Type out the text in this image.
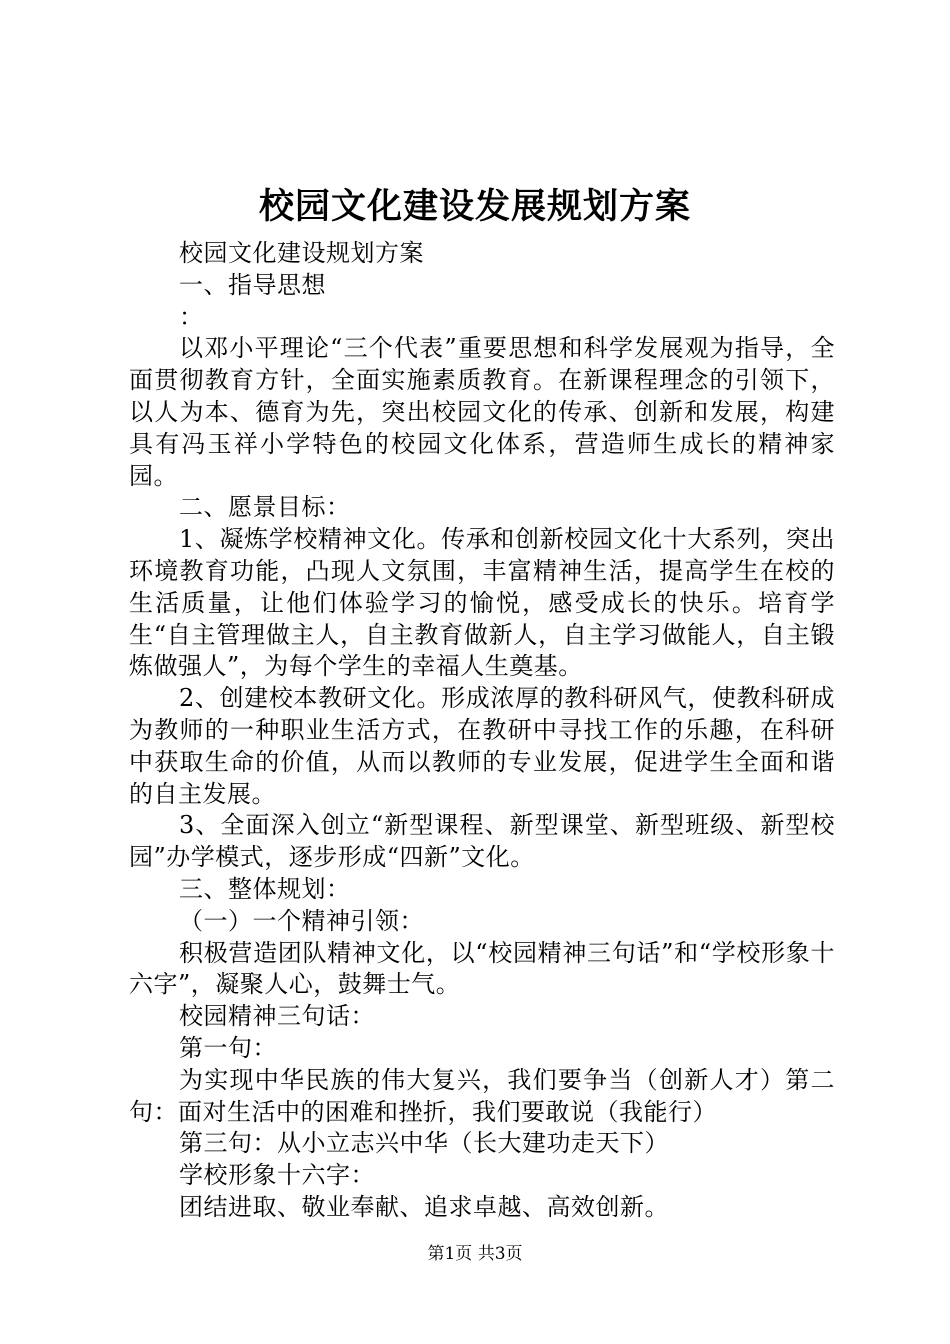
校园文化建设发展规划方案

校园文化建设规划方案

一、指导思想

：

以邓小平理论“三个代表”重要思想和科学发展观为指导，全面贯彻教育方针，全面实施素质教育。在新课程理念的引领下，以人为本、德育为先，突出校园文化的传承、创新和发展，构建具有冯玉祥小学特色的校园文化体系，营造师生成长的精神家园。

二、愿景目标：

1、凝炼学校精神文化。传承和创新校园文化十大系列，突出环境教育功能，凸现人文氛围，丰富精神生活，提高学生在校的生活质量，让他们体验学习的愉悦，感受成长的快乐。培育学生“自主管理做主人，自主教育做新人，自主学习做能人，自主锻炼做强人”，为每个学生的幸福人生奠基。

2、创建校本教研文化。形成浓厚的教科研风气，使教科研成为教师的一种职业生活方式，在教研中寻找工作的乐趣，在科研中获取生命的价值，从而以教师的专业发展，促进学生全面和谐的自主发展。

3、全面深入创立“新型课程、新型课堂、新型班级、新型校园”办学模式，逐步形成“四新”文化。

三、整体规划：

（一）一个精神引领：

积极营造团队精神文化，以“校园精神三句话”和“学校形象十六字”，凝聚人心，鼓舞士气。

校园精神三句话：

第一句：

为实现中华民族的伟大复兴，我们要争当（创新人才）第二句：面对生活中的困难和挫折，我们要敢说（我能行）

第三句：从小立志兴中华（长大建功走天下）

学校形象十六字：

团结进取、敬业奉献、追求卓越、高效创新。

第1页 共3页
